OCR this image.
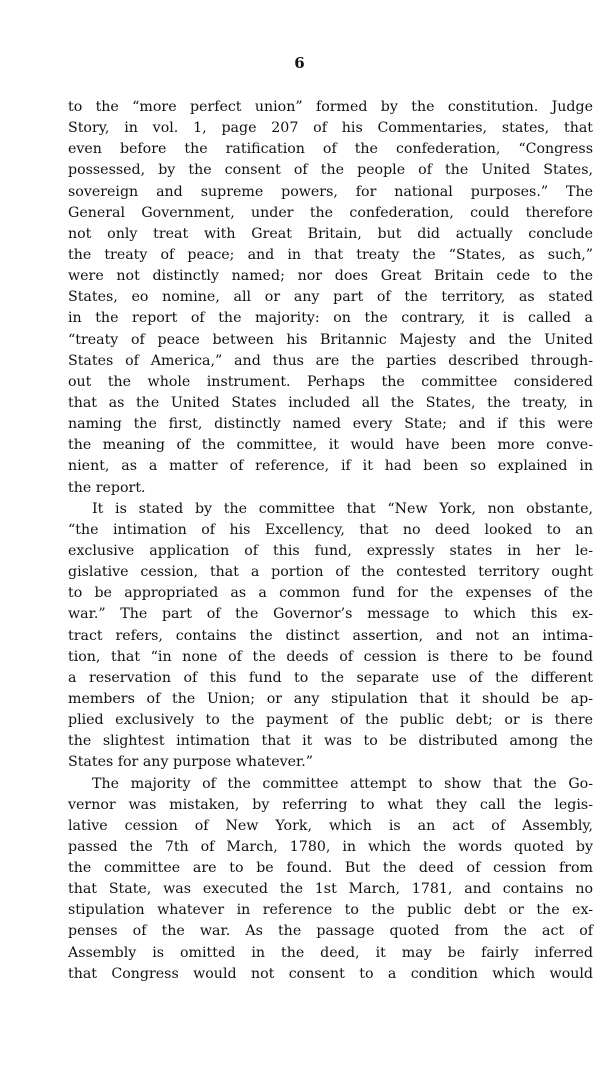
6
to the “more perfect union” formed by the constitution. Judge
Story, in vol. 1, page 207 of his Commentaries, states, that
even before the ratification of the confederation, “Congress
possessed, by the consent of the people of the United States,
sovereign and supreme powers, for national purposes.” The
General Government, under the confederation, could therefore
not only treat with Great Britain, but did actually conclude
the treaty of peace; and in that treaty the “States, as such,”
were not distinctly named; nor does Great Britain cede to the
States, eo nomine, all or any part of the territory, as stated
in the report of the majority: on the contrary, it is called a
“treaty of peace between his Britannic Majesty and the United
States of America,” and thus are the parties described through-
out the whole instrument. Perhaps the committee considered
that as the United States included all the States, the treaty, in
naming the first, distinctly named every State; and if this were
the meaning of the committee, it would have been more conve-
nient, as a matter of reference, if it had been so explained in
the report.
It is stated by the committee that “New York, non obstante,
“the intimation of his Excellency, that no deed looked to an
exclusive application of this fund, expressly states in her le-
gislative cession, that a portion of the contested territory ought
to be appropriated as a common fund for the expenses of the
war.” The part of the Governor’s message to which this ex-
tract refers, contains the distinct assertion, and not an intima-
tion, that “in none of the deeds of cession is there to be found
a reservation of this fund to the separate use of the different
members of the Union; or any stipulation that it should be ap-
plied exclusively to the payment of the public debt; or is there
the slightest intimation that it was to be distributed among the
States for any purpose whatever.”
The majority of the committee attempt to show that the Go-
vernor was mistaken, by referring to what they call the legis-
lative cession of New York, which is an act of Assembly,
passed the 7th of March, 1780, in which the words quoted by
the committee are to be found. But the deed of cession from
that State, was executed the 1st March, 1781, and contains no
stipulation whatever in reference to the public debt or the ex-
penses of the war. As the passage quoted from the act of
Assembly is omitted in the deed, it may be fairly inferred
that Congress would not consent to a condition which would
